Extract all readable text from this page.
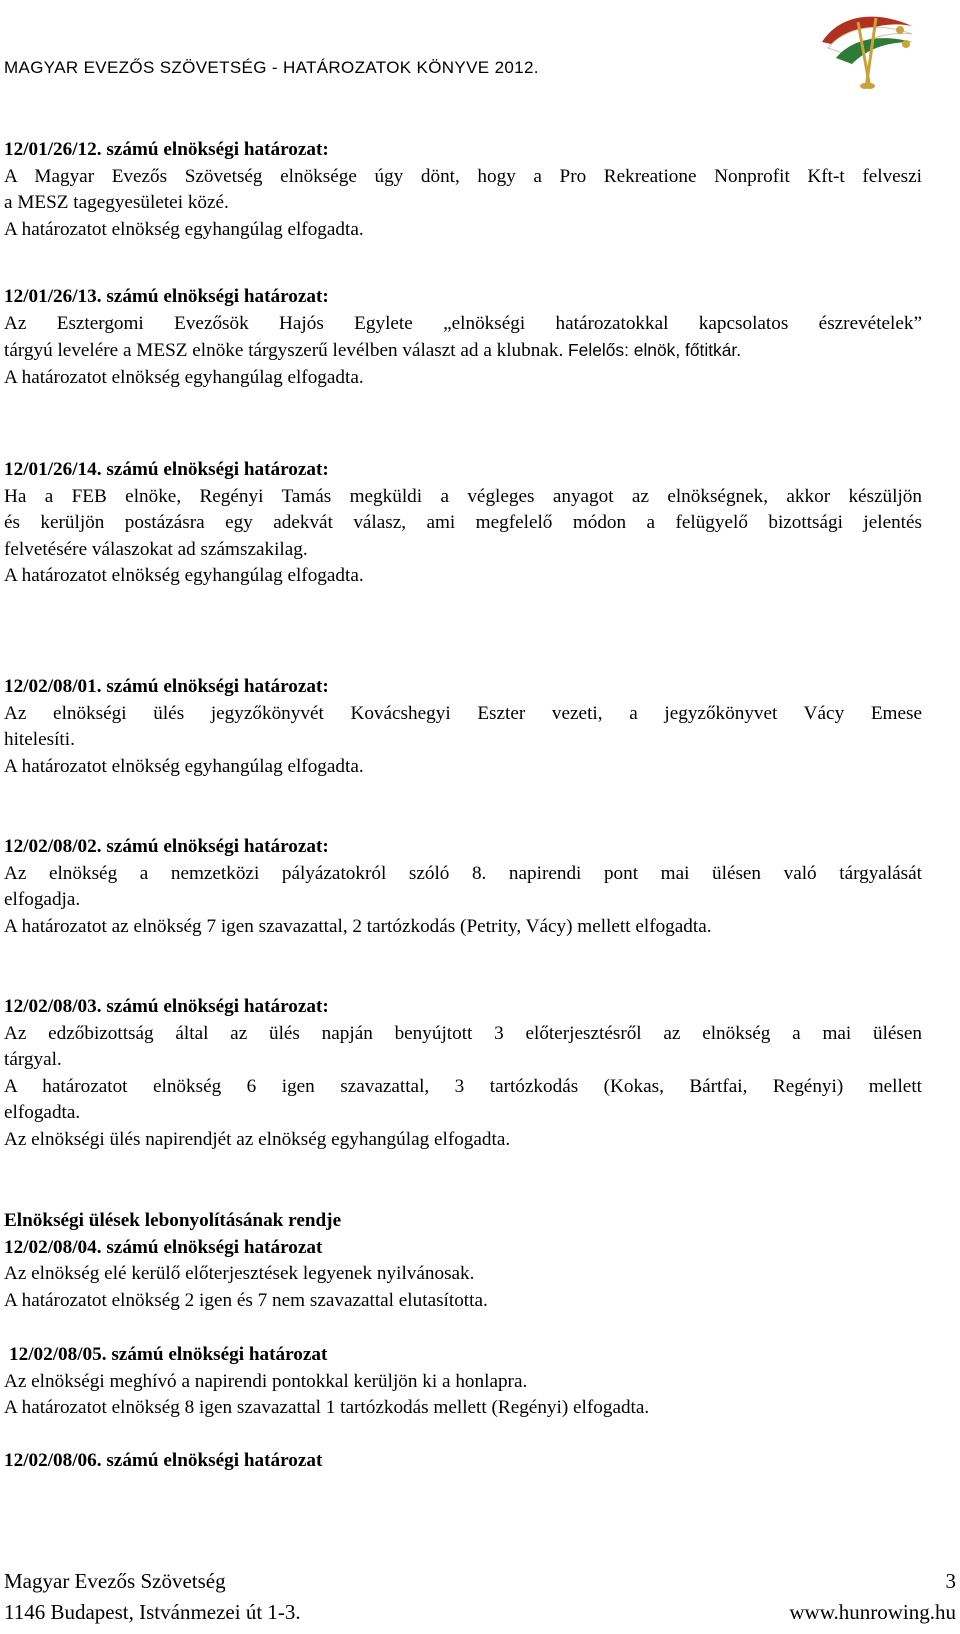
MAGYAR EVEZŐS SZÖVETSÉG - HATÁROZATOK KÖNYVE 2012.
12/01/26/12. számú elnökségi határozat:
A Magyar Evezős Szövetség elnöksége úgy dönt, hogy a Pro Rekreatione Nonprofit Kft-t felveszi
a MESZ tagegyesületei közé.
A határozatot elnökség egyhangúlag elfogadta.
12/01/26/13. számú elnökségi határozat:
Az Esztergomi Evezősök Hajós Egylete „elnökségi határozatokkal kapcsolatos észrevételek”
tárgyú levelére a MESZ elnöke tárgyszerű levélben választ ad a klubnak. Felelős: elnök, főtitkár.
A határozatot elnökség egyhangúlag elfogadta.
12/01/26/14. számú elnökségi határozat:
Ha a FEB elnöke, Regényi Tamás megküldi a végleges anyagot az elnökségnek, akkor készüljön
és kerüljön postázásra egy adekvát válasz, ami megfelelő módon a felügyelő bizottsági jelentés
felvetésére válaszokat ad számszakilag.
A határozatot elnökség egyhangúlag elfogadta.
12/02/08/01. számú elnökségi határozat:
Az elnökségi ülés jegyzőkönyvét Kovácshegyi Eszter vezeti, a jegyzőkönyvet Vácy Emese
hitelesíti.
A határozatot elnökség egyhangúlag elfogadta.
12/02/08/02. számú elnökségi határozat:
Az elnökség a nemzetközi pályázatokról szóló 8. napirendi pont mai ülésen való tárgyalását
elfogadja.
A határozatot az elnökség 7 igen szavazattal, 2 tartózkodás (Petrity, Vácy) mellett elfogadta.
12/02/08/03. számú elnökségi határozat:
Az edzőbizottság által az ülés napján benyújtott 3 előterjesztésről az elnökség a mai ülésen
tárgyal.
A határozatot elnökség 6 igen szavazattal, 3 tartózkodás (Kokas, Bártfai, Regényi) mellett
elfogadta.
Az elnökségi ülés napirendjét az elnökség egyhangúlag elfogadta.
Elnökségi ülések lebonyolításának rendje
12/02/08/04. számú elnökségi határozat
Az elnökség elé kerülő előterjesztések legyenek nyilvánosak.
A határozatot elnökség 2 igen és 7 nem szavazattal elutasította.
12/02/08/05. számú elnökségi határozat
Az elnökségi meghívó a napirendi pontokkal kerüljön ki a honlapra.
A határozatot elnökség 8 igen szavazattal 1 tartózkodás mellett (Regényi) elfogadta.
12/02/08/06. számú elnökségi határozat
Magyar Evezős Szövetség
1146 Budapest, Istvánmezei út 1-3.
3
www.hunrowing.hu
